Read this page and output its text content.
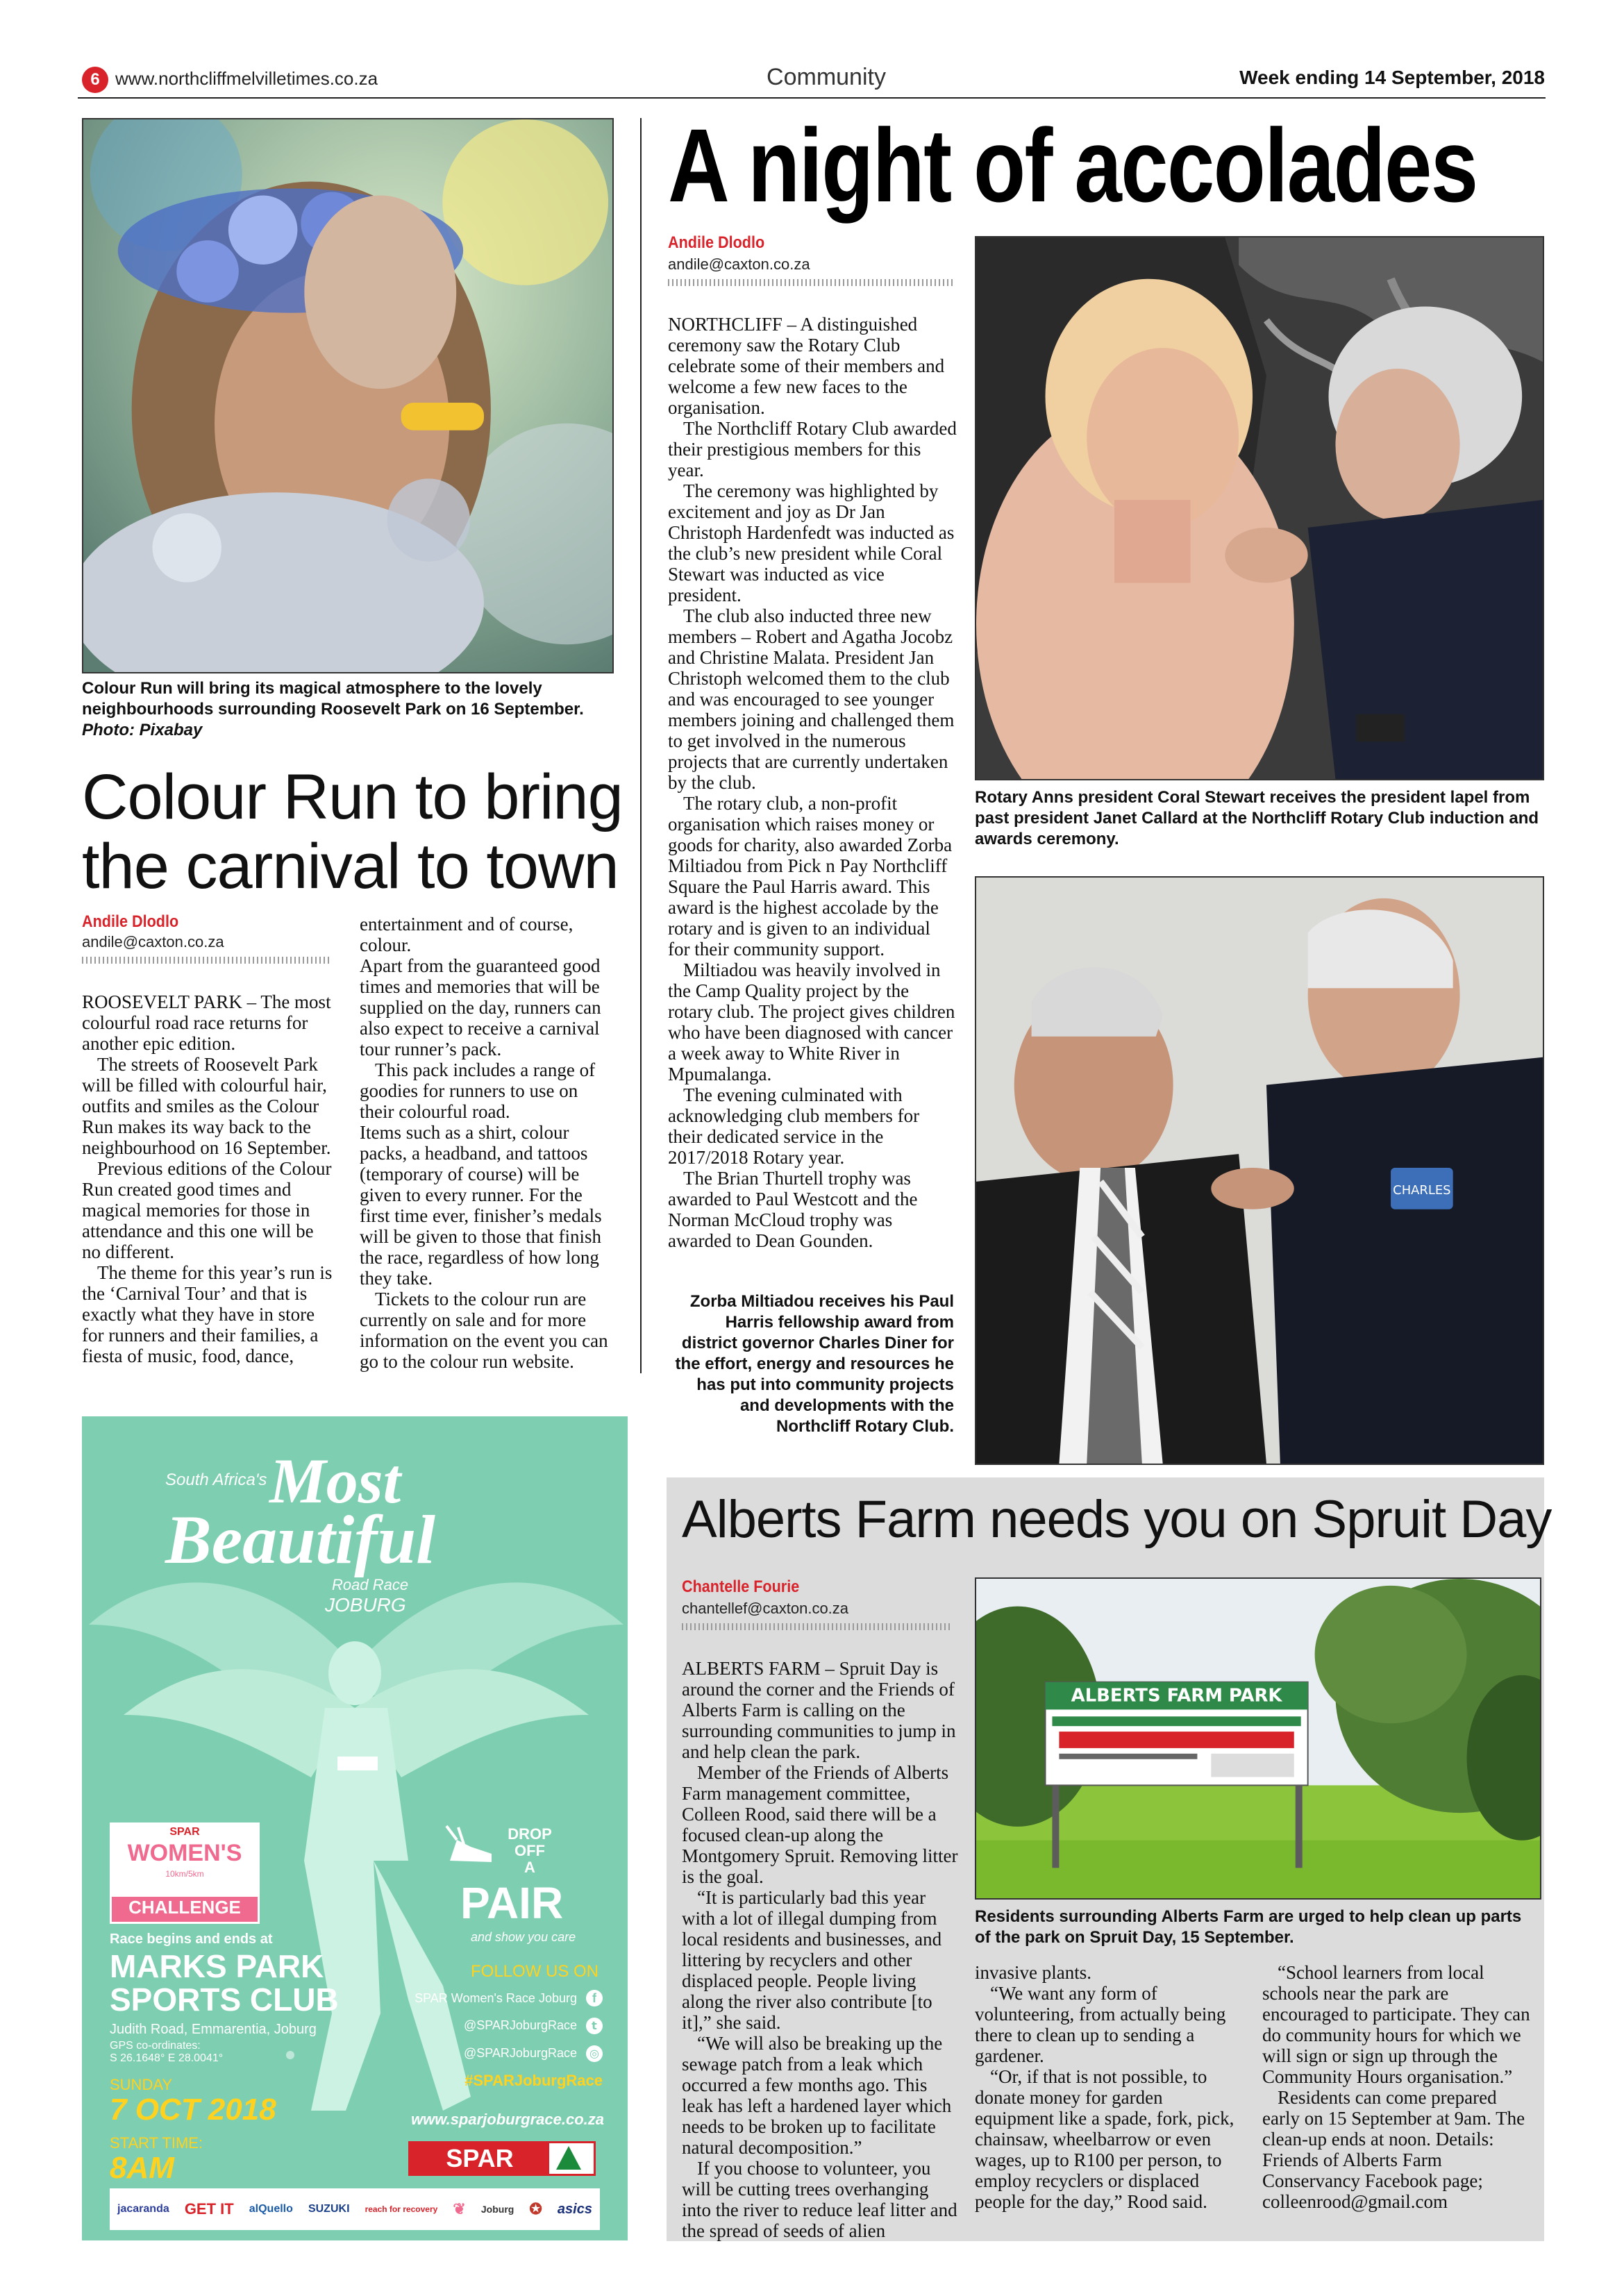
6 www.northcliffmelvilletimes.co.za	Community	Week ending 14 September, 2018
Colour Run will bring its magical atmosphere to the lovely neighbourhoods surrounding Roosevelt Park on 16 September.
Photo: Pixabay
Colour Run to bring
the carnival to town
Andile Dlodlo
andile@caxton.co.za

ROOSEVELT PARK – The most colourful road race returns for another epic edition.

The streets of Roosevelt Park will be filled with colourful hair, outfits and smiles as the Colour Run makes its way back to the neighbourhood on 16 September.

Previous editions of the Colour Run created good times and magical memories for those in attendance and this one will be no different.

The theme for this year’s run is the ‘Carnival Tour’ and that is exactly what they have in store for runners and their families, a fiesta of music, food, dance,

entertainment and of course, colour.

Apart from the guaranteed good times and memories that will be supplied on the day, runners can also expect to receive a carnival tour runner’s pack.

This pack includes a range of goodies for runners to use on their colourful road.

Items such as a shirt, colour packs, a headband, and tattoos (temporary of course) will be given to every runner. For the first time ever, finisher’s medals will be given to those that finish the race, regardless of how long they take.

Tickets to the colour run are currently on sale and for more information on the event you can go to the colour run website.

A night of accolades
Andile Dlodlo
andile@caxton.co.za

NORTHCLIFF – A distinguished ceremony saw the Rotary Club celebrate some of their members and welcome a few new faces to the organisation.

The Northcliff Rotary Club awarded their prestigious members for this year.

The ceremony was highlighted by excitement and joy as Dr Jan Christoph Hardenfedt was inducted as the club’s new president while Coral Stewart was inducted as vice president.

The club also inducted three new members – Robert and Agatha Jocobz and Christine Malata. President Jan Christoph welcomed them to the club and was encouraged to see younger members joining and challenged them to get involved in the numerous projects that are currently undertaken by the club.

The rotary club, a non-profit organisation which raises money or goods for charity, also awarded Zorba Miltiadou from Pick n Pay Northcliff Square the Paul Harris award. This award is the highest accolade by the rotary and is given to an individual for their community support.

Miltiadou was heavily involved in the Camp Quality project by the rotary club. The project gives children who have been diagnosed with cancer a week away to White River in Mpumalanga.

The evening culminated with acknowledging club members for their dedicated service in the 2017/2018 Rotary year.

The Brian Thurtell trophy was awarded to Paul Westcott and the Norman McCloud trophy was awarded to Dean Gounden.

Rotary Anns president Coral Stewart receives the president lapel from past president Janet Callard at the Northcliff Rotary Club induction and awards ceremony.
CHARLES
Zorba Miltiadou receives his Paul Harris fellowship award from district governor Charles Diner for the effort, energy and resources he has put into community projects and developments with the Northcliff Rotary Club.
South Africa's Most
Beautiful
Road Race
JOBURG
SPAR
WOMEN'S
10km/5km
CHALLENGE
Race begins and ends at
MARKS PARK
SPORTS CLUB
Judith Road, Emmarentia, Joburg
GPS co-ordinates:
S 26.1648° E 28.0041°
SUNDAY
7 OCT 2018
START TIME:
8AM
DROP
OFF
A
PAIR
and show you care
FOLLOW US ON
SPAR Women's Race Joburg f
@SPARJoburgRace t
@SPARJoburgRace ◎
#SPARJoburgRace
www.sparjoburgrace.co.za
SPAR
jacaranda GET IT alQuello SUZUKI reach for recovery ❦ Joburg ✪ asics
Alberts Farm needs you on Spruit Day
Chantelle Fourie
chantellef@caxton.co.za
ALBERTS FARM PARK
Residents surrounding Alberts Farm are urged to help clean up parts of the park on Spruit Day, 15 September.

ALBERTS FARM – Spruit Day is around the corner and the Friends of Alberts Farm is calling on the surrounding communities to jump in and help clean the park.

Member of the Friends of Alberts Farm management committee, Colleen Rood, said there will be a focused clean-up along the Montgomery Spruit. Removing litter is the goal.

“It is particularly bad this year with a lot of illegal dumping from local residents and businesses, and littering by recyclers and other displaced people. People living along the river also contribute [to it],” she said.

“We will also be breaking up the sewage patch from a leak which occurred a few months ago. This leak has left a hardened layer which needs to be broken up to facilitate natural decomposition.”

If you choose to volunteer, you will be cutting trees overhanging into the river to reduce leaf litter and the spread of seeds of alien

invasive plants.

“We want any form of volunteering, from actually being there to clean up to sending a gardener.

“Or, if that is not possible, to donate money for garden equipment like a spade, fork, pick, chainsaw, wheelbarrow or even wages, up to R100 per person, to employ recyclers or displaced people for the day,” Rood said.

“School learners from local schools near the park are encouraged to participate. They can do community hours for which we will sign or sign up through the Community Hours organisation.”

Residents can come prepared early on 15 September at 9am. The clean-up ends at noon. Details: Friends of Alberts Farm Conservancy Facebook page; colleenrood@gmail.com
